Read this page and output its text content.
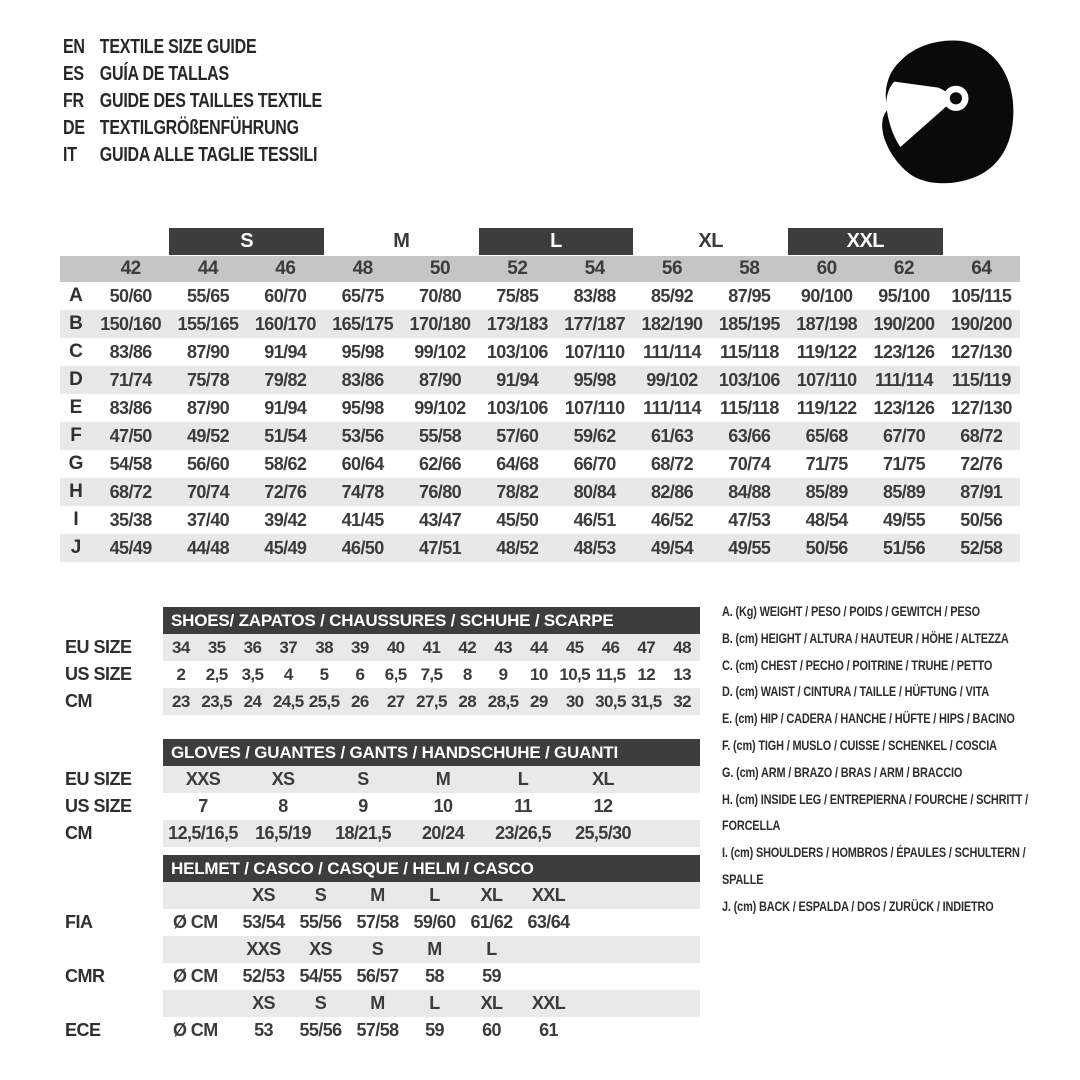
EN TEXTILE SIZE GUIDE
ES GUÍA DE TALLAS
FR GUIDE DES TAILLES TEXTILE
DE TEXTILGRÖßENFÜHRUNG
IT	GUIDA ALLE TAGLIE TESSILI
S	M	L	XL	XXL
42	44	46	48	50	52	54	56	58	60	62	64
A	50/60	55/65	60/70	65/75	70/80	75/85	83/88	85/92	87/95	90/100	95/100	105/115
B 150/160 155/165 160/170 165/175 170/180 173/183 177/187 182/190 185/195 187/198 190/200 190/200
C	83/86	87/90	91/94	95/98	99/102	103/106 107/110	111/114	115/118 119/122 123/126 127/130
D	71/74	75/78	79/82	83/86	87/90	91/94	95/98	99/102	103/106 107/110	111/114	115/119
E	83/86	87/90	91/94	95/98	99/102	103/106 107/110	111/114	115/118 119/122 123/126 127/130
F	47/50	49/52	51/54	53/56	55/58	57/60	59/62	61/63	63/66	65/68	67/70	68/72
G	54/58	56/60	58/62	60/64	62/66	64/68	66/70	68/72	70/74	71/75	71/75	72/76
H	68/72	70/74	72/76	74/78	76/80	78/82	80/84	82/86	84/88	85/89	85/89	87/91
I	35/38	37/40	39/42	41/45	43/47	45/50	46/51	46/52	47/53	48/54	49/55	50/56
J	45/49	44/48	45/49	46/50	47/51	48/52	48/53	49/54	49/55	50/56	51/56	52/58
SHOES/ ZAPATOS / CHAUSSURES / SCHUHE / SCARPE
EU SIZE	34	35	36	37	38	39	40	41	42	43	44	45	46	47	48
US SIZE	2	2,5 3,5	4	5	6	6,5 7,5	8	9	10 10,5 11,5 12	13
CM	23 23,5 24 24,5 25,5 26	27 27,5 28 28,5 29	30 30,5 31,5 32
GLOVES / GUANTES / GANTS / HANDSCHUHE / GUANTI
EU SIZE	XXS	XS	S	M	L	XL
US SIZE	7	8	9	10	11	12
CM	12,5/16,5 16,5/19	18/21,5	20/24	23/26,5	25,5/30
HELMET / CASCO / CASQUE / HELM / CASCO
XS	S	M	L	XL	XXL
FIA	Ø CM	53/54 55/56 57/58 59/60 61/62 63/64
XXS	XS	S	M	L
CMR	Ø CM	52/53 54/55 56/57	58	59
XS	S	M	L	XL	XXL
ECE	Ø CM	53	55/56 57/58	59	60	61
A. (Kg) WEIGHT / PESO / POIDS / GEWITCH / PESO
B. (cm) HEIGHT / ALTURA / HAUTEUR / HÖHE / ALTEZZA
C. (cm) CHEST / PECHO / POITRINE / TRUHE / PETTO
D. (cm) WAIST / CINTURA / TAILLE / HÜFTUNG / VITA
E. (cm) HIP / CADERA / HANCHE / HÜFTE / HIPS / BACINO
F. (cm) TIGH / MUSLO / CUISSE / SCHENKEL / COSCIA
G. (cm) ARM / BRAZO / BRAS / ARM / BRACCIO
H. (cm) INSIDE LEG / ENTREPIERNA / FOURCHE / SCHRITT / FORCELLA
I. (cm) SHOULDERS / HOMBROS / ÉPAULES / SCHULTERN / SPALLE
J. (cm) BACK / ESPALDA / DOS / ZURÜCK / INDIETRO
